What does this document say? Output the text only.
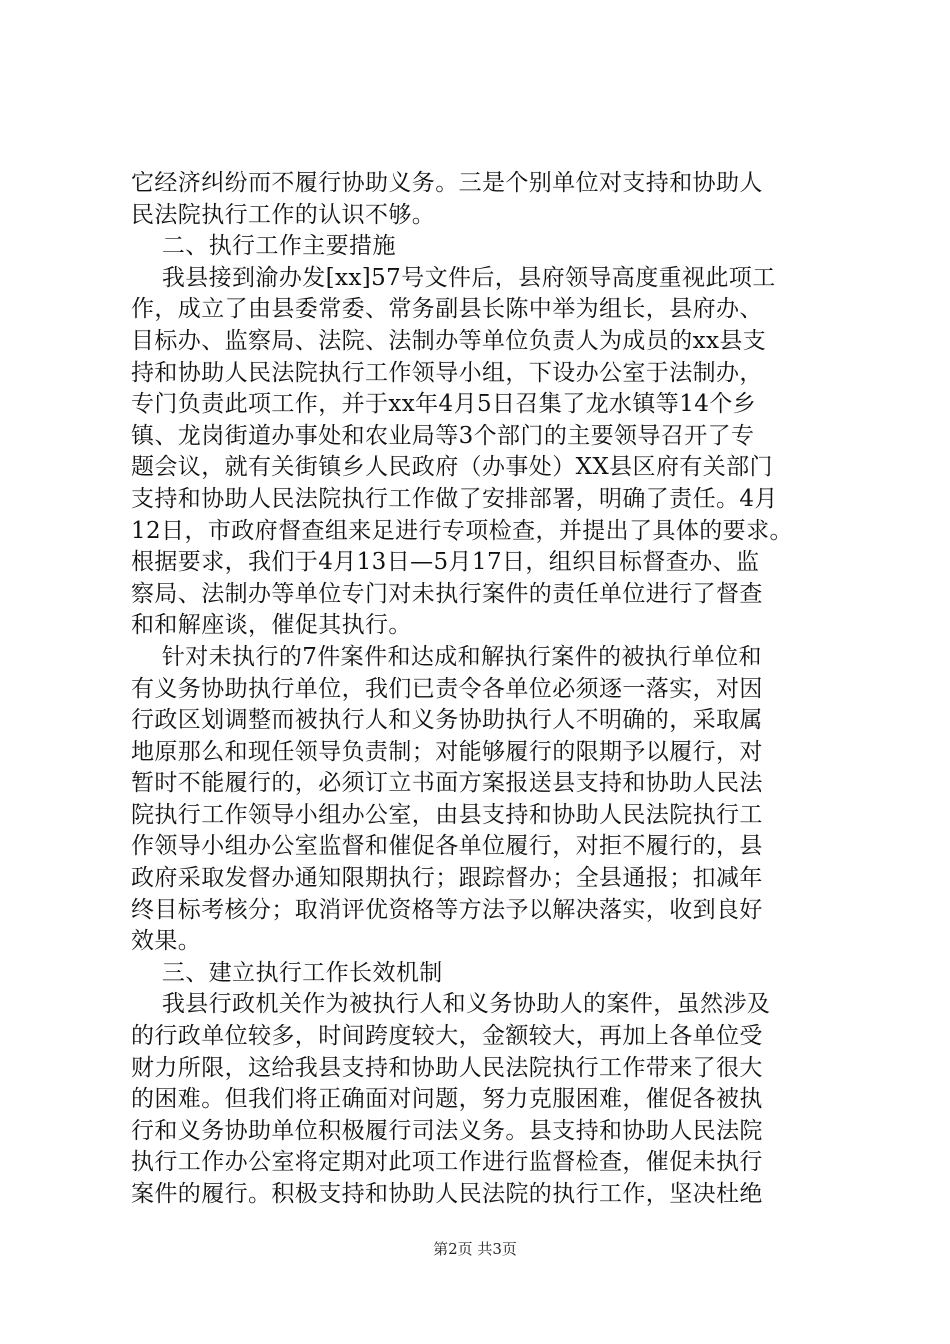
它经济纠纷而不履行协助义务。三是个别单位对支持和协助人
民法院执行工作的认识不够。
二、执行工作主要措施
我县接到渝办发[xx]57号文件后，县府领导高度重视此项工
作，成立了由县委常委、常务副县长陈中举为组长，县府办、
目标办、监察局、法院、法制办等单位负责人为成员的xx县支
持和协助人民法院执行工作领导小组，下设办公室于法制办，
专门负责此项工作，并于xx年4月5日召集了龙水镇等14个乡
镇、龙岗街道办事处和农业局等3个部门的主要领导召开了专
题会议，就有关街镇乡人民政府（办事处）XX县区府有关部门
支持和协助人民法院执行工作做了安排部署，明确了责任。4月
12日，市政府督查组来足进行专项检查，并提出了具体的要求。
根据要求，我们于4月13日—5月17日，组织目标督查办、监
察局、法制办等单位专门对未执行案件的责任单位进行了督查
和和解座谈，催促其执行。
针对未执行的7件案件和达成和解执行案件的被执行单位和
有义务协助执行单位，我们已责令各单位必须逐一落实，对因
行政区划调整而被执行人和义务协助执行人不明确的，采取属
地原那么和现任领导负责制；对能够履行的限期予以履行，对
暂时不能履行的，必须订立书面方案报送县支持和协助人民法
院执行工作领导小组办公室，由县支持和协助人民法院执行工
作领导小组办公室监督和催促各单位履行，对拒不履行的，县
政府采取发督办通知限期执行；跟踪督办；全县通报；扣减年
终目标考核分；取消评优资格等方法予以解决落实，收到良好
效果。
三、建立执行工作长效机制
我县行政机关作为被执行人和义务协助人的案件，虽然涉及
的行政单位较多，时间跨度较大，金额较大，再加上各单位受
财力所限，这给我县支持和协助人民法院执行工作带来了很大
的困难。但我们将正确面对问题，努力克服困难，催促各被执
行和义务协助单位积极履行司法义务。县支持和协助人民法院
执行工作办公室将定期对此项工作进行监督检查，催促未执行
案件的履行。积极支持和协助人民法院的执行工作，坚决杜绝
第2页 共3页
